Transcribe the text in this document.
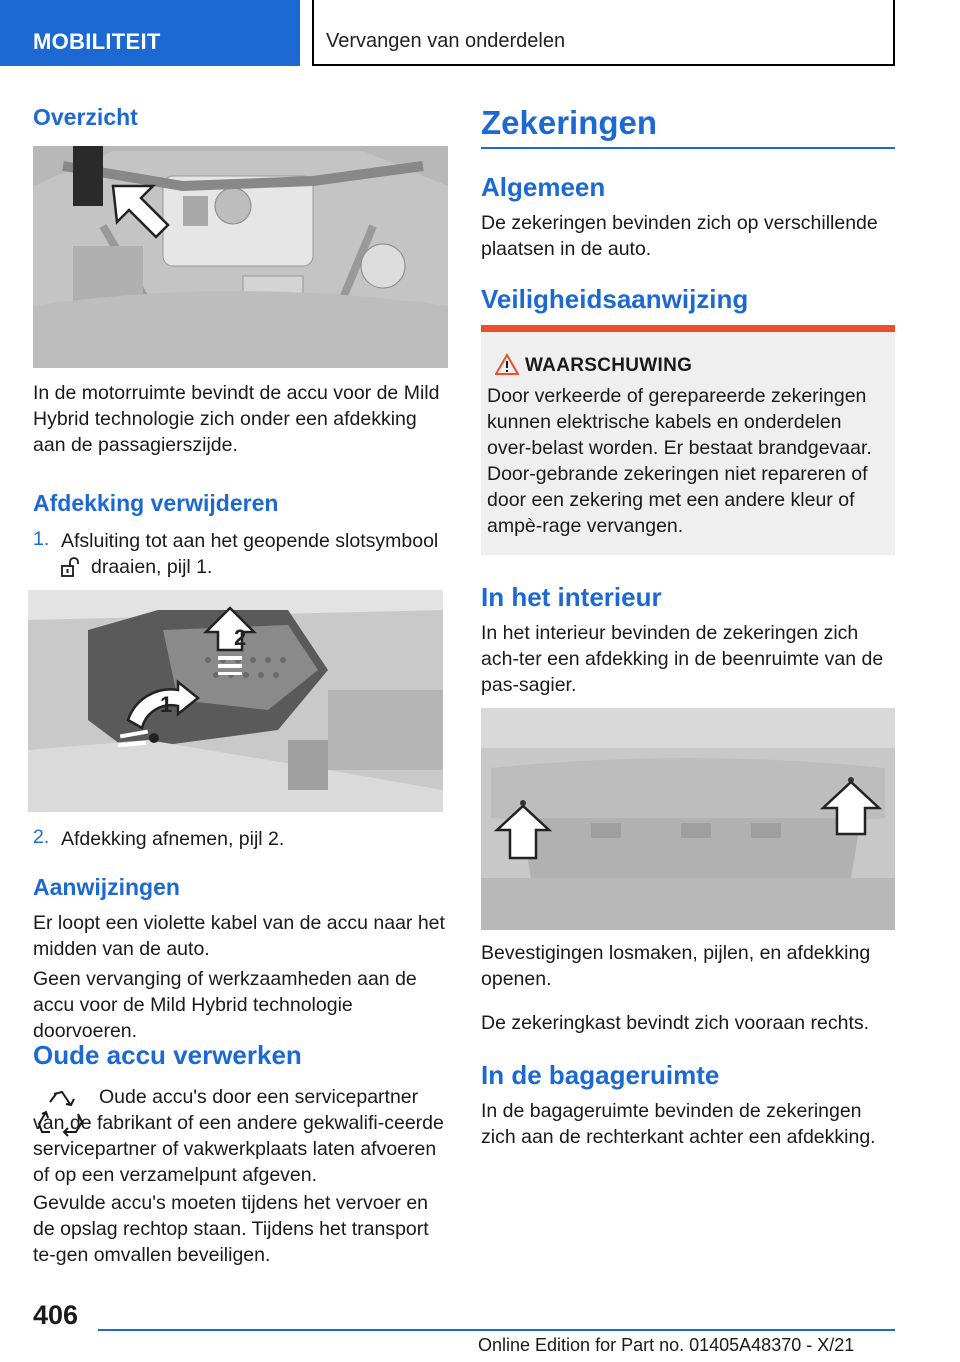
MOBILITEIT	Vervangen van onderdelen
Overzicht

In de motorruimte bevindt de accu voor de Mild Hybrid technologie zich onder een afdekking aan de passagierszijde.

Afdekking verwijderen
1. Afsluiting tot aan het geopende slotsymbool
draaien, pijl 1.
2
1
2. Afdekking afnemen, pijl 2.
Aanwijzingen

Er loopt een violette kabel van de accu naar het midden van de auto.

Geen vervanging of werkzaamheden aan de accu voor de Mild Hybrid technologie doorvoeren.

Oude accu verwerken

Oude accu's door een servicepartner van de fabrikant of een andere gekwalifi-ceerde servicepartner of vakwerkplaats laten afvoeren of op een verzamelpunt afgeven.

Gevulde accu's moeten tijdens het vervoer en de opslag rechtop staan. Tijdens het transport te-gen omvallen beveiligen.

Zekeringen
Algemeen

De zekeringen bevinden zich op verschillende plaatsen in de auto.

Veiligheidsaanwijzing
WAARSCHUWING

Door verkeerde of gerepareerde zekeringen kunnen elektrische kabels en onderdelen over-belast worden. Er bestaat brandgevaar. Door-gebrande zekeringen niet repareren of door een zekering met een andere kleur of ampè-rage vervangen.

In het interieur

In het interieur bevinden de zekeringen zich ach-ter een afdekking in de beenruimte van de pas-sagier.

Bevestigingen losmaken, pijlen, en afdekking openen.

De zekeringkast bevindt zich vooraan rechts.

In de bagageruimte

In de bagageruimte bevinden de zekeringen zich aan de rechterkant achter een afdekking.

406
Online Edition for Part no. 01405A48370 - X/21
